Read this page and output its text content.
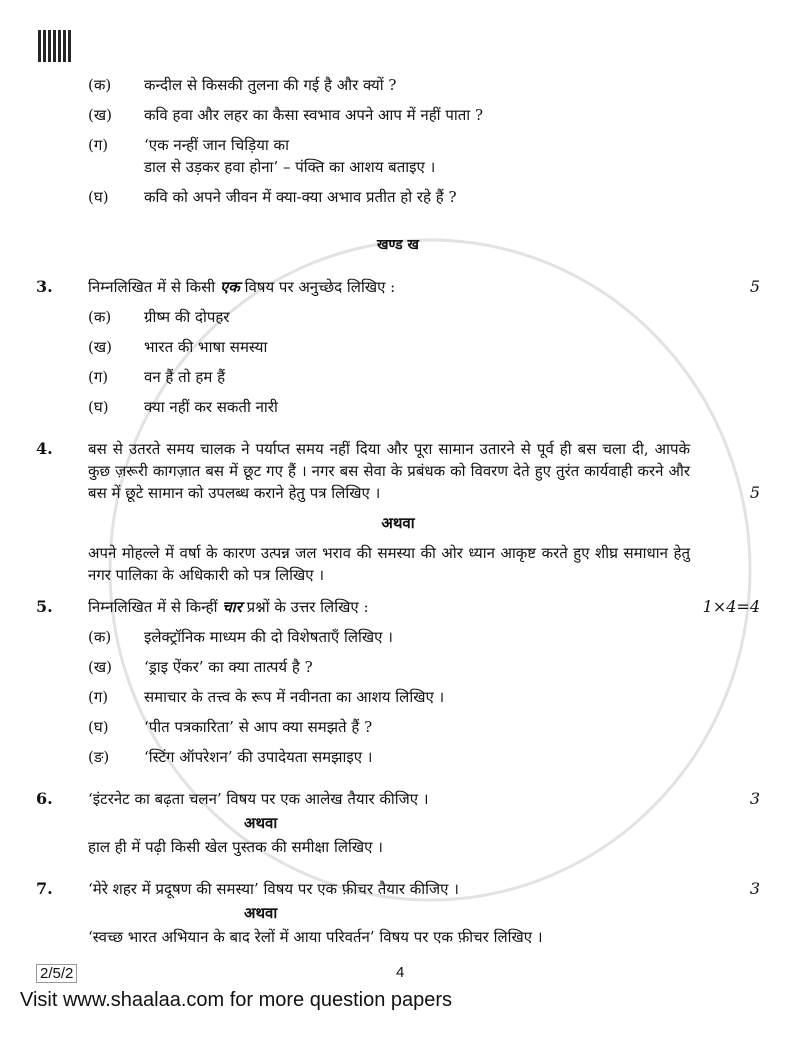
(क)	कन्दील से किसकी तुलना की गई है और क्यों ?
(ख)	कवि हवा और लहर का कैसा स्वभाव अपने आप में नहीं पाता ?
(ग)	‘एक नन्हीं जान चिड़िया का
डाल से उड़कर हवा होना’ – पंक्ति का आशय बताइए ।
(घ)	कवि को अपने जीवन में क्या-क्या अभाव प्रतीत हो रहे हैं ?
खण्ड ख
3.	निम्नलिखित में से किसी एक विषय पर अनुच्छेद लिखिए :	5
(क)	ग्रीष्म की दोपहर
(ख)	भारत की भाषा समस्या
(ग)	वन हैं तो हम हैं
(घ)	क्या नहीं कर सकती नारी
4.	बस से उतरते समय चालक ने पर्याप्त समय नहीं दिया और पूरा सामान उतारने से पूर्व ही बस चला दी, आपके कुछ ज़रूरी कागज़ात बस में छूट गए हैं । नगर बस सेवा के प्रबंधक को विवरण देते हुए तुरंत कार्यवाही करने और बस में छूटे सामान को उपलब्ध कराने हेतु पत्र लिखिए ।	5
अथवा
अपने मोहल्ले में वर्षा के कारण उत्पन्न जल भराव की समस्या की ओर ध्यान आकृष्ट करते हुए शीघ्र समाधान हेतु नगर पालिका के अधिकारी को पत्र लिखिए ।
5.	निम्नलिखित में से किन्हीं चार प्रश्नों के उत्तर लिखिए :	1×4=4
(क)	इलेक्ट्रॉनिक माध्यम की दो विशेषताएँ लिखिए ।
(ख)	‘ड्राइ ऐंकर’ का क्या तात्पर्य है ?
(ग)	समाचार के तत्त्व के रूप में नवीनता का आशय लिखिए ।
(घ)	‘पीत पत्रकारिता’ से आप क्या समझते हैं ?
(ङ)	‘स्टिंग ऑपरेशन’ की उपादेयता समझाइए ।
6.	‘इंटरनेट का बढ़ता चलन’ विषय पर एक आलेख तैयार कीजिए ।	3
अथवा
हाल ही में पढ़ी किसी खेल पुस्तक की समीक्षा लिखिए ।
7.	‘मेरे शहर में प्रदूषण की समस्या’ विषय पर एक फ़ीचर तैयार कीजिए ।	3
अथवा
‘स्वच्छ भारत अभियान के बाद रेलों में आया परिवर्तन’ विषय पर एक फ़ीचर लिखिए ।
2/5/2	4
Visit www.shaalaa.com for more question papers
